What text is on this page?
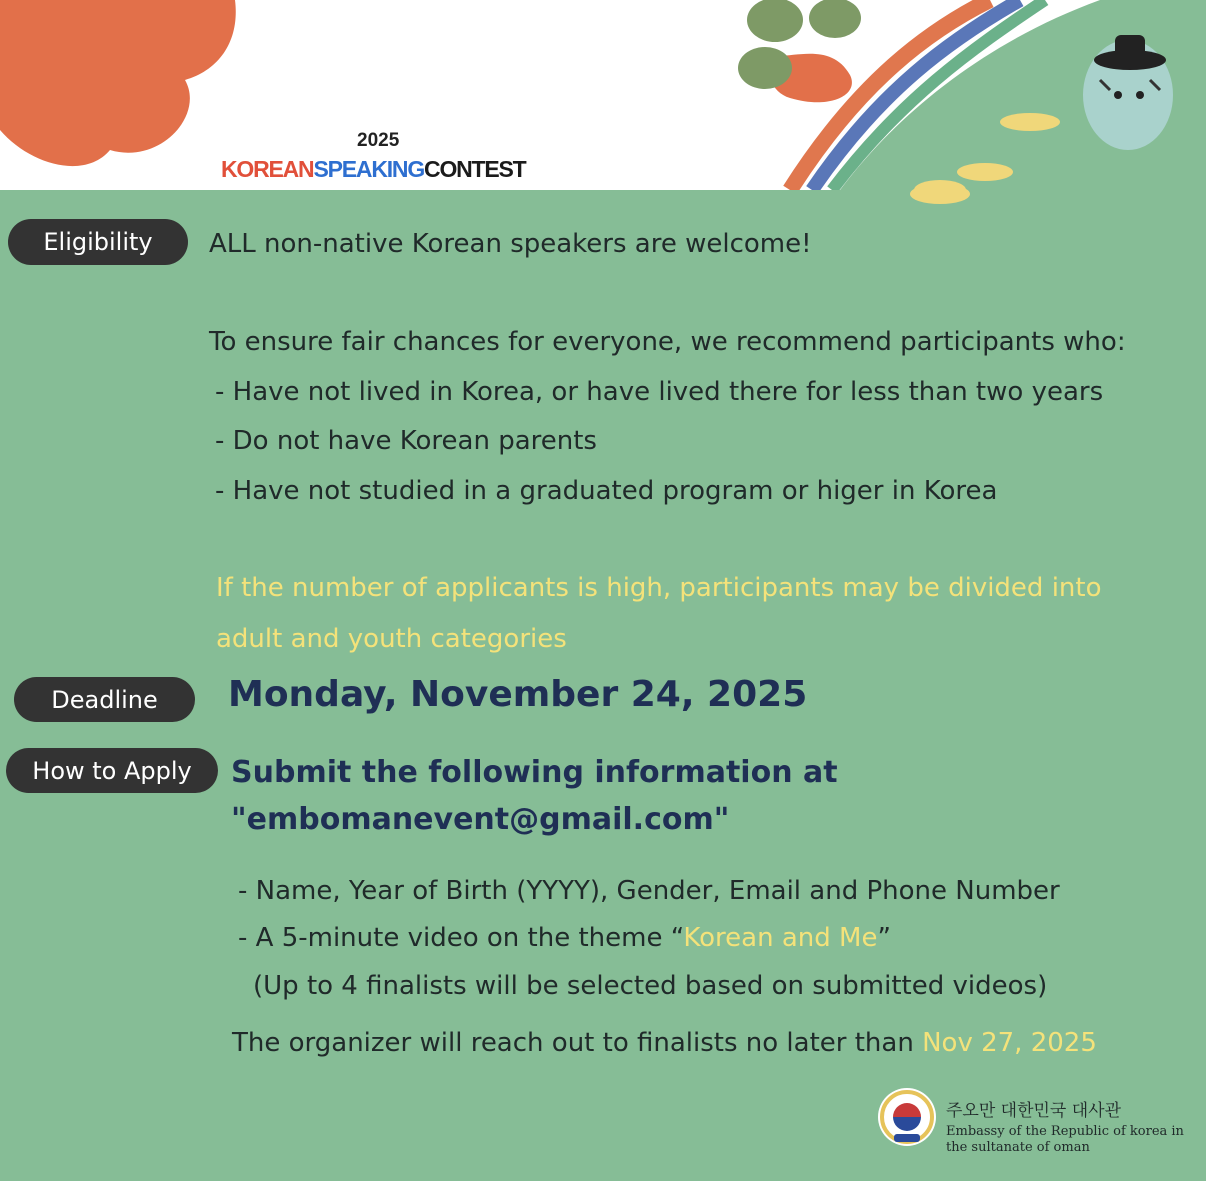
2025
KOREANSPEAKINGCONTEST
Eligibility	ALL non-native Korean speakers are welcome!
To ensure fair chances for everyone, we recommend participants who:
- Have not lived in Korea, or have lived there for less than two years
- Do not have Korean parents
- Have not studied in a graduated program or higer in Korea
If the number of applicants is high, participants may be divided into
adult and youth categories
Deadline	Monday, November 24, 2025
How to Apply	Submit the following information at
"embomanevent@gmail.com"
- Name, Year of Birth (YYYY), Gender, Email and Phone Number
- A 5-minute video on the theme “Korean and Me”
(Up to 4 finalists will be selected based on submitted videos)
The organizer will reach out to finalists no later than Nov 27, 2025
주오만 대한민국 대사관
Embassy of the Republic of korea in the sultanate of oman
